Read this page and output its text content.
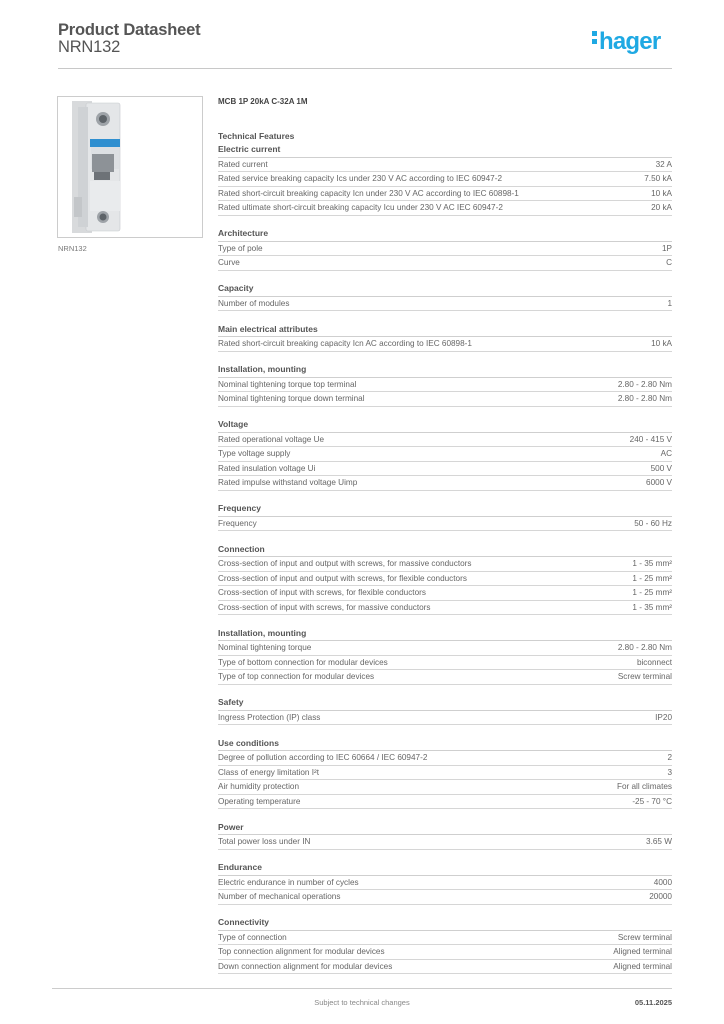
Product Datasheet
NRN132	hager
NRN132
MCB 1P 20kA C-32A 1M
Technical Features
Electric current
Rated current	32 A
Rated service breaking capacity Ics under 230 V AC according to IEC 60947-2	7.50 kA
Rated short-circuit breaking capacity Icn under 230 V AC according to IEC 60898-1	10 kA
Rated ultimate short-circuit breaking capacity Icu under 230 V AC IEC 60947-2	20 kA
Architecture
Type of pole	1P
Curve	C
Capacity
Number of modules	1
Main electrical attributes
Rated short-circuit breaking capacity Icn AC according to IEC 60898-1	10 kA
Installation, mounting
Nominal tightening torque top terminal	2.80 - 2.80 Nm
Nominal tightening torque down terminal	2.80 - 2.80 Nm
Voltage
Rated operational voltage Ue	240 - 415 V
Type voltage supply	AC
Rated insulation voltage Ui	500 V
Rated impulse withstand voltage Uimp	6000 V
Frequency
Frequency	50 - 60 Hz
Connection
Cross-section of input and output with screws, for massive conductors	1 - 35 mm²
Cross-section of input and output with screws, for flexible conductors	1 - 25 mm²
Cross-section of input with screws, for flexible conductors	1 - 25 mm²
Cross-section of input with screws, for massive conductors	1 - 35 mm²
Installation, mounting
Nominal tightening torque	2.80 - 2.80 Nm
Type of bottom connection for modular devices	biconnect
Type of top connection for modular devices	Screw terminal
Safety
Ingress Protection (IP) class	IP20
Use conditions
Degree of pollution according to IEC 60664 / IEC 60947-2	2
Class of energy limitation I²t	3
Air humidity protection	For all climates
Operating temperature	-25 - 70 °C
Power
Total power loss under IN	3.65 W
Endurance
Electric endurance in number of cycles	4000
Number of mechanical operations	20000
Connectivity
Type of connection	Screw terminal
Top connection alignment for modular devices	Aligned terminal
Down connection alignment for modular devices	Aligned terminal
Subject to technical changes	05.11.2025
